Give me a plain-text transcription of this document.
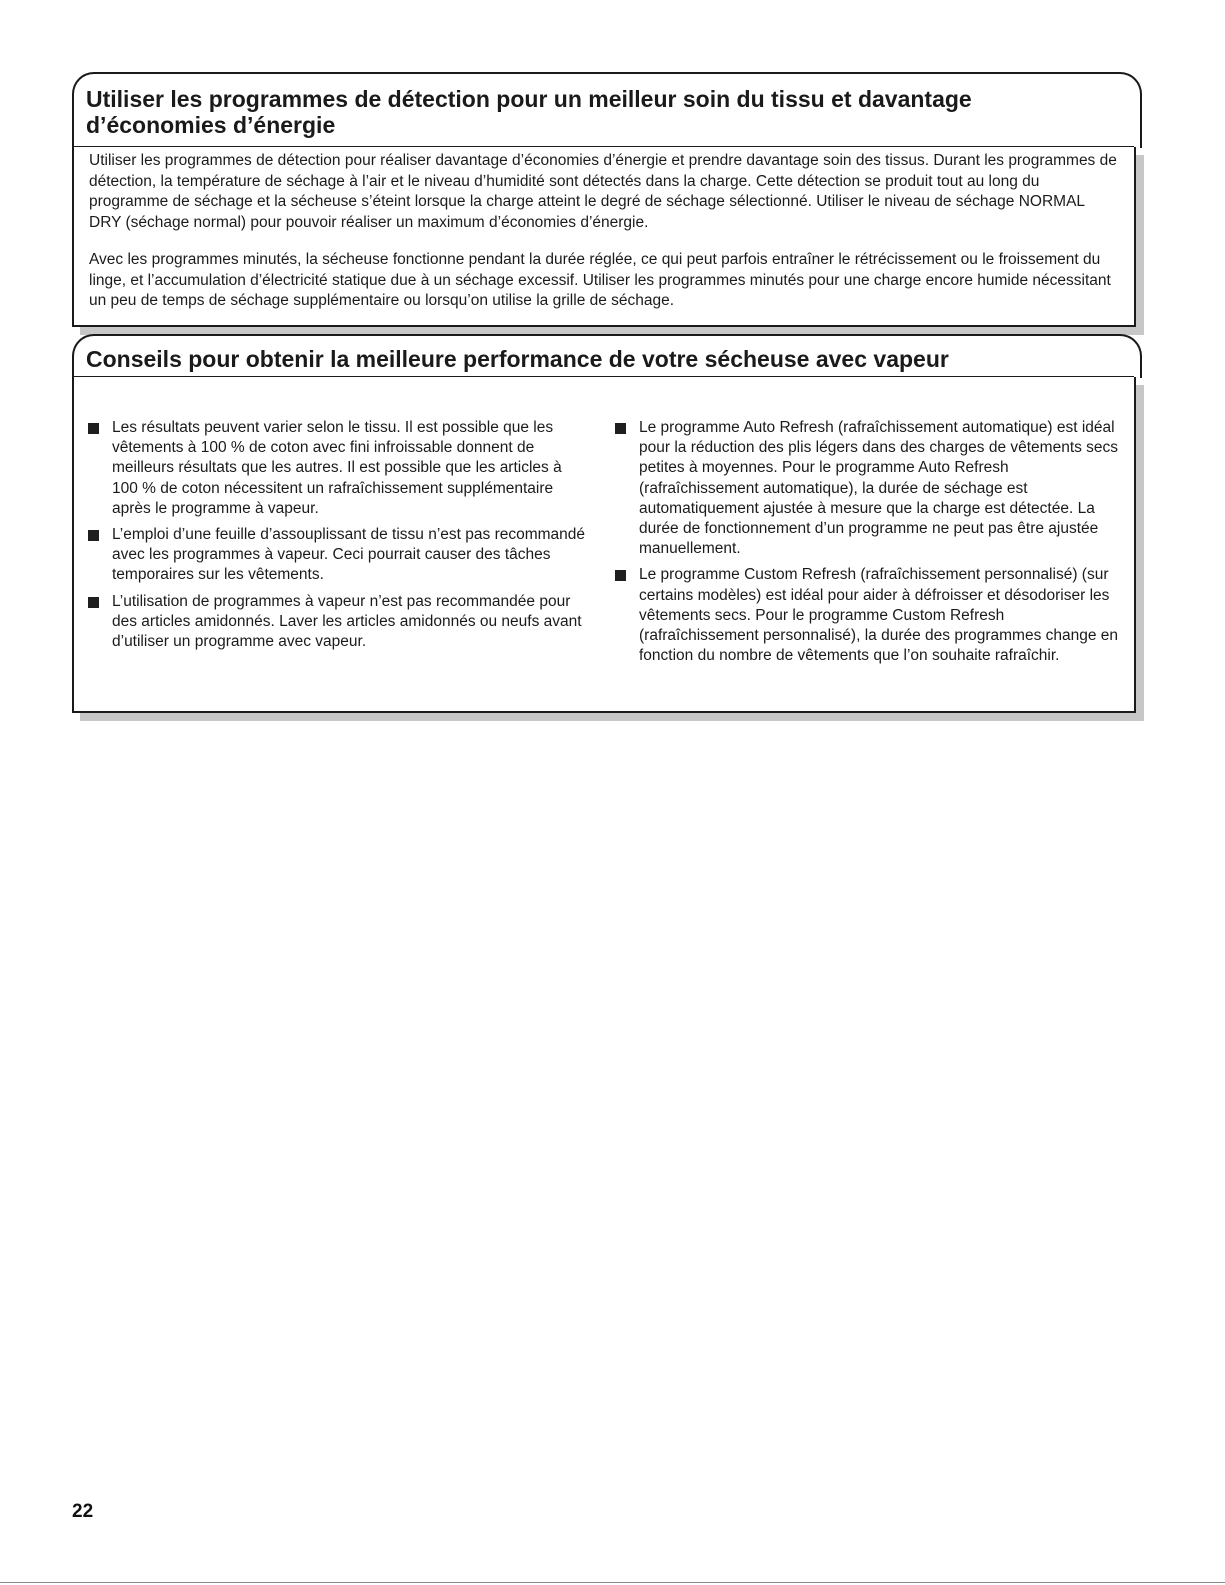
Utiliser les programmes de détection pour un meilleur soin du tissu et davantage d’économies d’énergie

Utiliser les programmes de détection pour réaliser davantage d’économies d’énergie et prendre davantage soin des tissus. Durant les programmes de détection, la température de séchage à l’air et le niveau d’humidité sont détectés dans la charge. Cette détection se produit tout au long du programme de séchage et la sécheuse s’éteint lorsque la charge atteint le degré de séchage sélectionné. Utiliser le niveau de séchage NORMAL DRY (séchage normal) pour pouvoir réaliser un maximum d’économies d’énergie.

Avec les programmes minutés, la sécheuse fonctionne pendant la durée réglée, ce qui peut parfois entraîner le rétrécissement ou le froissement du linge, et l’accumulation d’électricité statique due à un séchage excessif. Utiliser les programmes minutés pour une charge encore humide nécessitant un peu de temps de séchage supplémentaire ou lorsqu’on utilise la grille de séchage.

Conseils pour obtenir la meilleure performance de votre sécheuse avec vapeur
Les résultats peuvent varier selon le tissu. Il est possible que les vêtements à 100 % de coton avec fini infroissable donnent de meilleurs résultats que les autres. Il est possible que les articles à 100 % de coton nécessitent un rafraîchissement supplémentaire après le programme à vapeur.
L’emploi d’une feuille d’assouplissant de tissu n’est pas recommandé avec les programmes à vapeur. Ceci pourrait causer des tâches temporaires sur les vêtements.
L’utilisation de programmes à vapeur n’est pas recommandée pour des articles amidonnés. Laver les articles amidonnés ou neufs avant d’utiliser un programme avec vapeur.
Le programme Auto Refresh (rafraîchissement automatique) est idéal pour la réduction des plis légers dans des charges de vêtements secs petites à moyennes. Pour le programme Auto Refresh (rafraîchissement automatique), la durée de séchage est automatiquement ajustée à mesure que la charge est détectée. La durée de fonctionnement d’un programme ne peut pas être ajustée manuellement.
Le programme Custom Refresh (rafraîchissement personnalisé) (sur certains modèles) est idéal pour aider à défroisser et désodoriser les vêtements secs. Pour le programme Custom Refresh (rafraîchissement personnalisé), la durée des programmes change en fonction du nombre de vêtements que l’on souhaite rafraîchir.
22
